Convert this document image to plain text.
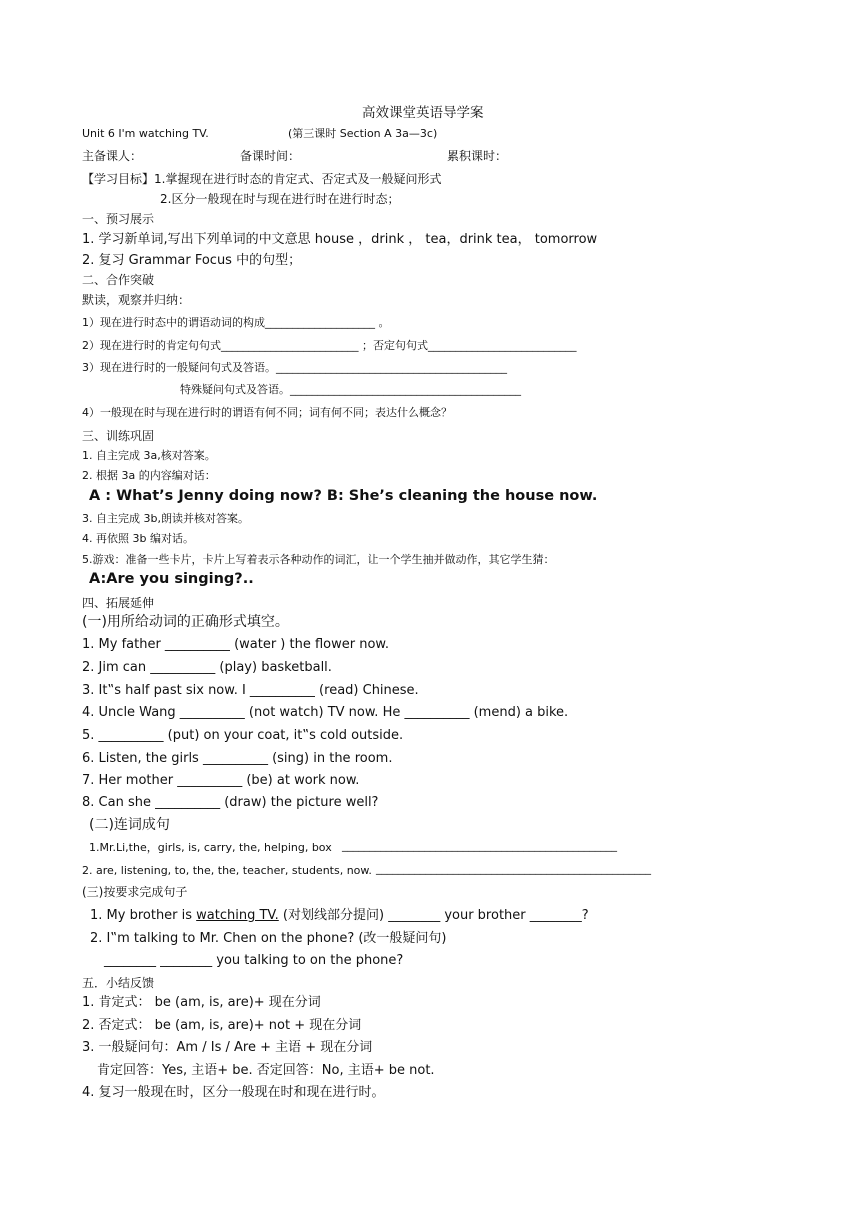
高效课堂英语导学案
Unit 6 I'm watching TV.	(第三课时 Section A 3a—3c)
主备课人：	备课时间：	累积课时：
【学习目标】1.掌握现在进行时态的肯定式、否定式及一般疑问形式
2.区分一般现在时与现在进行时在进行时态；
一、预习展示
1. 学习新单词,写出下列单词的中文意思 house ，drink ， tea，drink tea， tomorrow
2. 复习 Grammar Focus 中的句型；
二、合作突破
默读，观察并归纳：
1）现在进行时态中的谓语动词的构成____________________ 。
2）现在进行时的肯定句句式_________________________ ；否定句句式___________________________
3）现在进行时的一般疑问句式及答语。__________________________________________
特殊疑问句式及答语。__________________________________________
4）一般现在时与现在进行时的谓语有何不同；词有何不同；表达什么概念？
三、训练巩固
1. 自主完成 3a,核对答案。
2. 根据 3a 的内容编对话：
A : What’s Jenny doing now? B: She’s cleaning the house now.
3. 自主完成 3b,朗读并核对答案。
4. 再依照 3b 编对话。
5.游戏：准备一些卡片，卡片上写着表示各种动作的词汇，让一个学生抽并做动作，其它学生猜：
A:Are you singing?..
四、拓展延伸
(一)用所给动词的正确形式填空。
1. My father __________ (water ) the flower now.
2. Jim can __________ (play) basketball.
3. It‟s half past six now. I __________ (read) Chinese.
4. Uncle Wang __________ (not watch) TV now. He __________ (mend) a bike.
5. __________ (put) on your coat, it‟s cold outside.
6. Listen, the girls __________ (sing) in the room.
7. Her mother __________ (be) at work now.
8. Can she __________ (draw) the picture well?
(二)连词成句
1.Mr.Li,the，girls, is, carry, the, helping, box __________________________________________________
2. are, listening, to, the, the, teacher, students, now. __________________________________________________
(三)按要求完成句子
1. My brother is watching TV. (对划线部分提问) ________ your brother ________?
2. I‟m talking to Mr. Chen on the phone? (改一般疑问句)
________ ________ you talking to on the phone?
五．小结反馈
1. 肯定式： be (am, is, are)+ 现在分词
2. 否定式： be (am, is, are)+ not + 现在分词
3. 一般疑问句：Am / Is / Are + 主语 + 现在分词
肯定回答：Yes, 主语+ be. 否定回答：No, 主语+ be not.
4. 复习一般现在时，区分一般现在时和现在进行时。
